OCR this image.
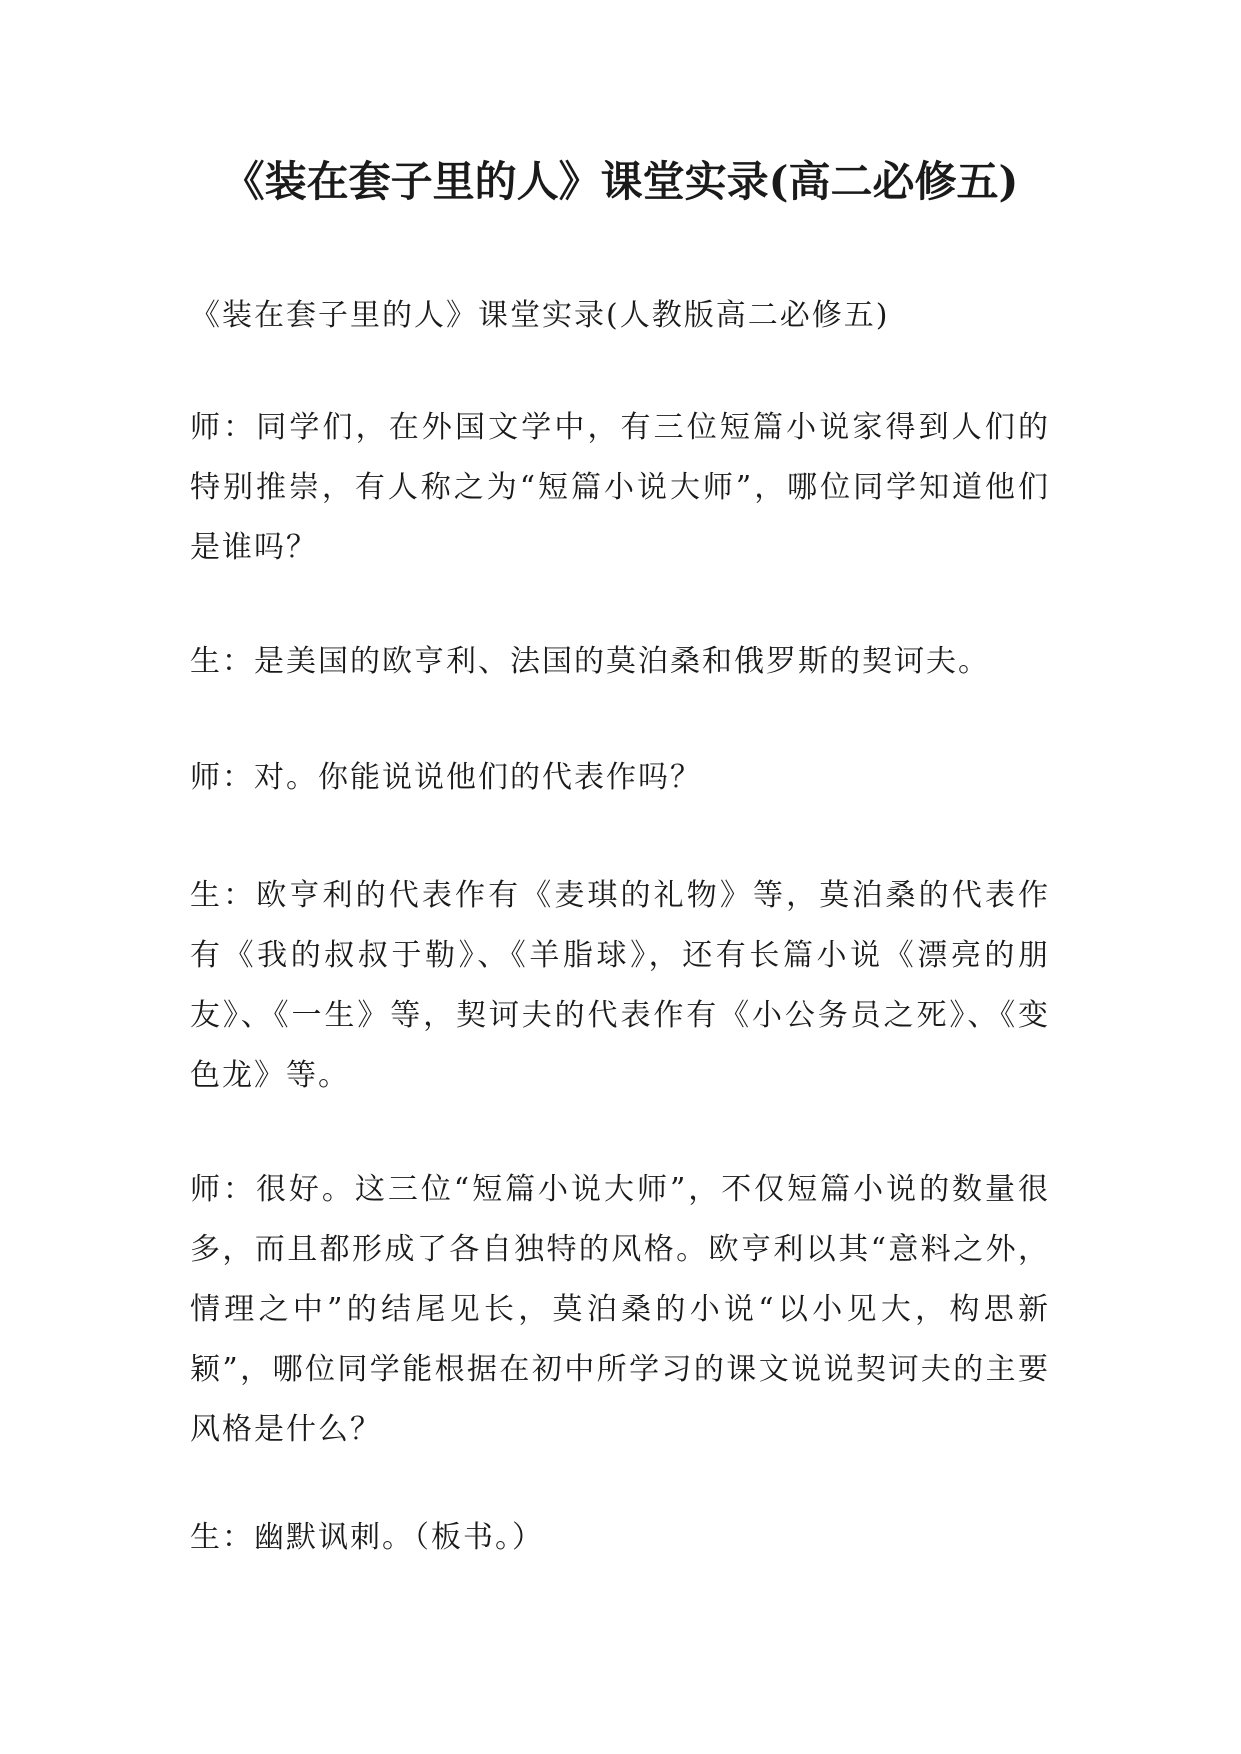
《装在套子里的人》课堂实录(高二必修五)
《装在套子里的人》课堂实录(人教版高二必修五)
师：同学们，在外国文学中，有三位短篇小说家得到人们的特别推崇，有人称之为“短篇小说大师”，哪位同学知道他们是谁吗？
生：是美国的欧亨利、法国的莫泊桑和俄罗斯的契诃夫。
师：对。你能说说他们的代表作吗？
生：欧亨利的代表作有《麦琪的礼物》等，莫泊桑的代表作有《我的叔叔于勒》、《羊脂球》，还有长篇小说《漂亮的朋友》、《一生》等，契诃夫的代表作有《小公务员之死》、《变色龙》等。
师：很好。这三位“短篇小说大师”，不仅短篇小说的数量很多，而且都形成了各自独特的风格。欧亨利以其“意料之外，情理之中”的结尾见长，莫泊桑的小说“以小见大，构思新颖”，哪位同学能根据在初中所学习的课文说说契诃夫的主要风格是什么？
生：幽默讽刺。（板书。）
